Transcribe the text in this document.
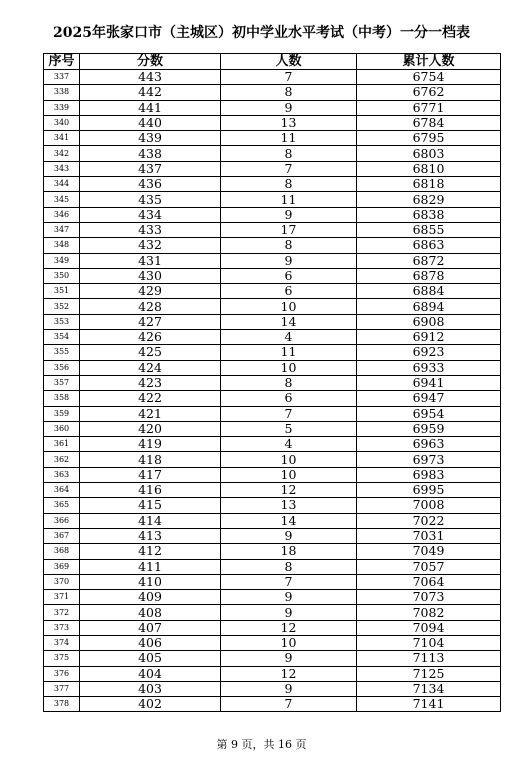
2025年张家口市（主城区）初中学业水平考试（中考）一分一档表
序号	分数	人数	累计人数
337	443	7	6754
338	442	8	6762
339	441	9	6771
340	440	13	6784
341	439	11	6795
342	438	8	6803
343	437	7	6810
344	436	8	6818
345	435	11	6829
346	434	9	6838
347	433	17	6855
348	432	8	6863
349	431	9	6872
350	430	6	6878
351	429	6	6884
352	428	10	6894
353	427	14	6908
354	426	4	6912
355	425	11	6923
356	424	10	6933
357	423	8	6941
358	422	6	6947
359	421	7	6954
360	420	5	6959
361	419	4	6963
362	418	10	6973
363	417	10	6983
364	416	12	6995
365	415	13	7008
366	414	14	7022
367	413	9	7031
368	412	18	7049
369	411	8	7057
370	410	7	7064
371	409	9	7073
372	408	9	7082
373	407	12	7094
374	406	10	7104
375	405	9	7113
376	404	12	7125
377	403	9	7134
378	402	7	7141
第 9 页，共 16 页
